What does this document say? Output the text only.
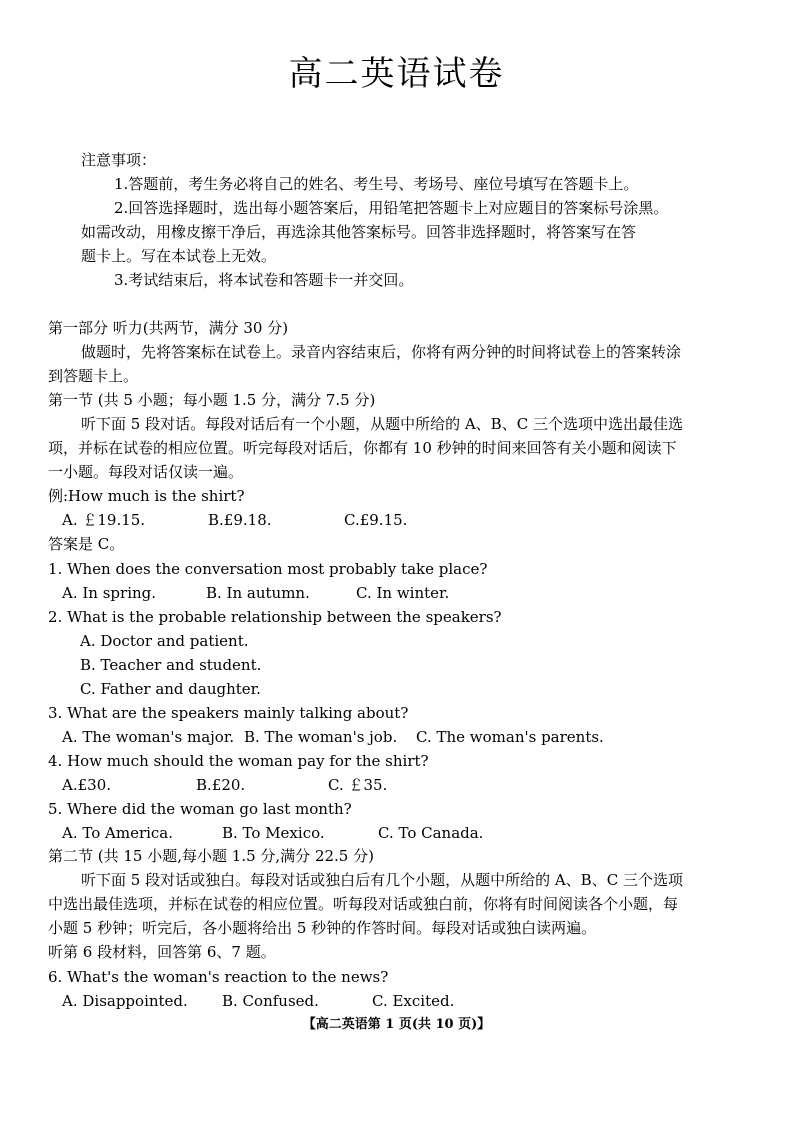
高二英语试卷
注意事项：
1.答题前，考生务必将自己的姓名、考生号、考场号、座位号填写在答题卡上。
2.回答选择题时，选出每小题答案后，用铅笔把答题卡上对应题目的答案标号涂黑。
如需改动，用橡皮擦干净后，再选涂其他答案标号。回答非选择题时，将答案写在答
题卡上。写在本试卷上无效。
3.考试结束后，将本试卷和答题卡一并交回。
第一部分 听力(共两节，满分 30 分)
做题时，先将答案标在试卷上。录音内容结束后，你将有两分钟的时间将试卷上的答案转涂
到答题卡上。
第一节 (共 5 小题；每小题 1.5 分，满分 7.5 分)
听下面 5 段对话。每段对话后有一个小题，从题中所给的 A、B、C 三个选项中选出最佳选
项，并标在试卷的相应位置。听完每段对话后，你都有 10 秒钟的时间来回答有关小题和阅读下
一小题。每段对话仅读一遍。
例:How much is the shirt?
A. ￡19.15.	B.£9.18.	C.£9.15.
答案是 C。
1. When does the conversation most probably take place?
A. In spring.	B. In autumn.	C. In winter.
2. What is the probable relationship between the speakers?
A. Doctor and patient.
B. Teacher and student.
C. Father and daughter.
3. What are the speakers mainly talking about?
A. The woman's major. B. The woman's job. C. The woman's parents.
4. How much should the woman pay for the shirt?
A.£30.	B.£20.	C. ￡35.
5. Where did the woman go last month?
A. To America.	B. To Mexico.	C. To Canada.
第二节 (共 15 小题,每小题 1.5 分,满分 22.5 分)
听下面 5 段对话或独白。每段对话或独白后有几个小题，从题中所给的 A、B、C 三个选项
中选出最佳选项，并标在试卷的相应位置。听每段对话或独白前，你将有时间阅读各个小题，每
小题 5 秒钟；听完后，各小题将给出 5 秒钟的作答时间。每段对话或独白读两遍。
听第 6 段材料，回答第 6、7 题。
6. What's the woman's reaction to the news?
A. Disappointed. B. Confused.	C. Excited.
【高二英语第 1 页(共 10 页)】
